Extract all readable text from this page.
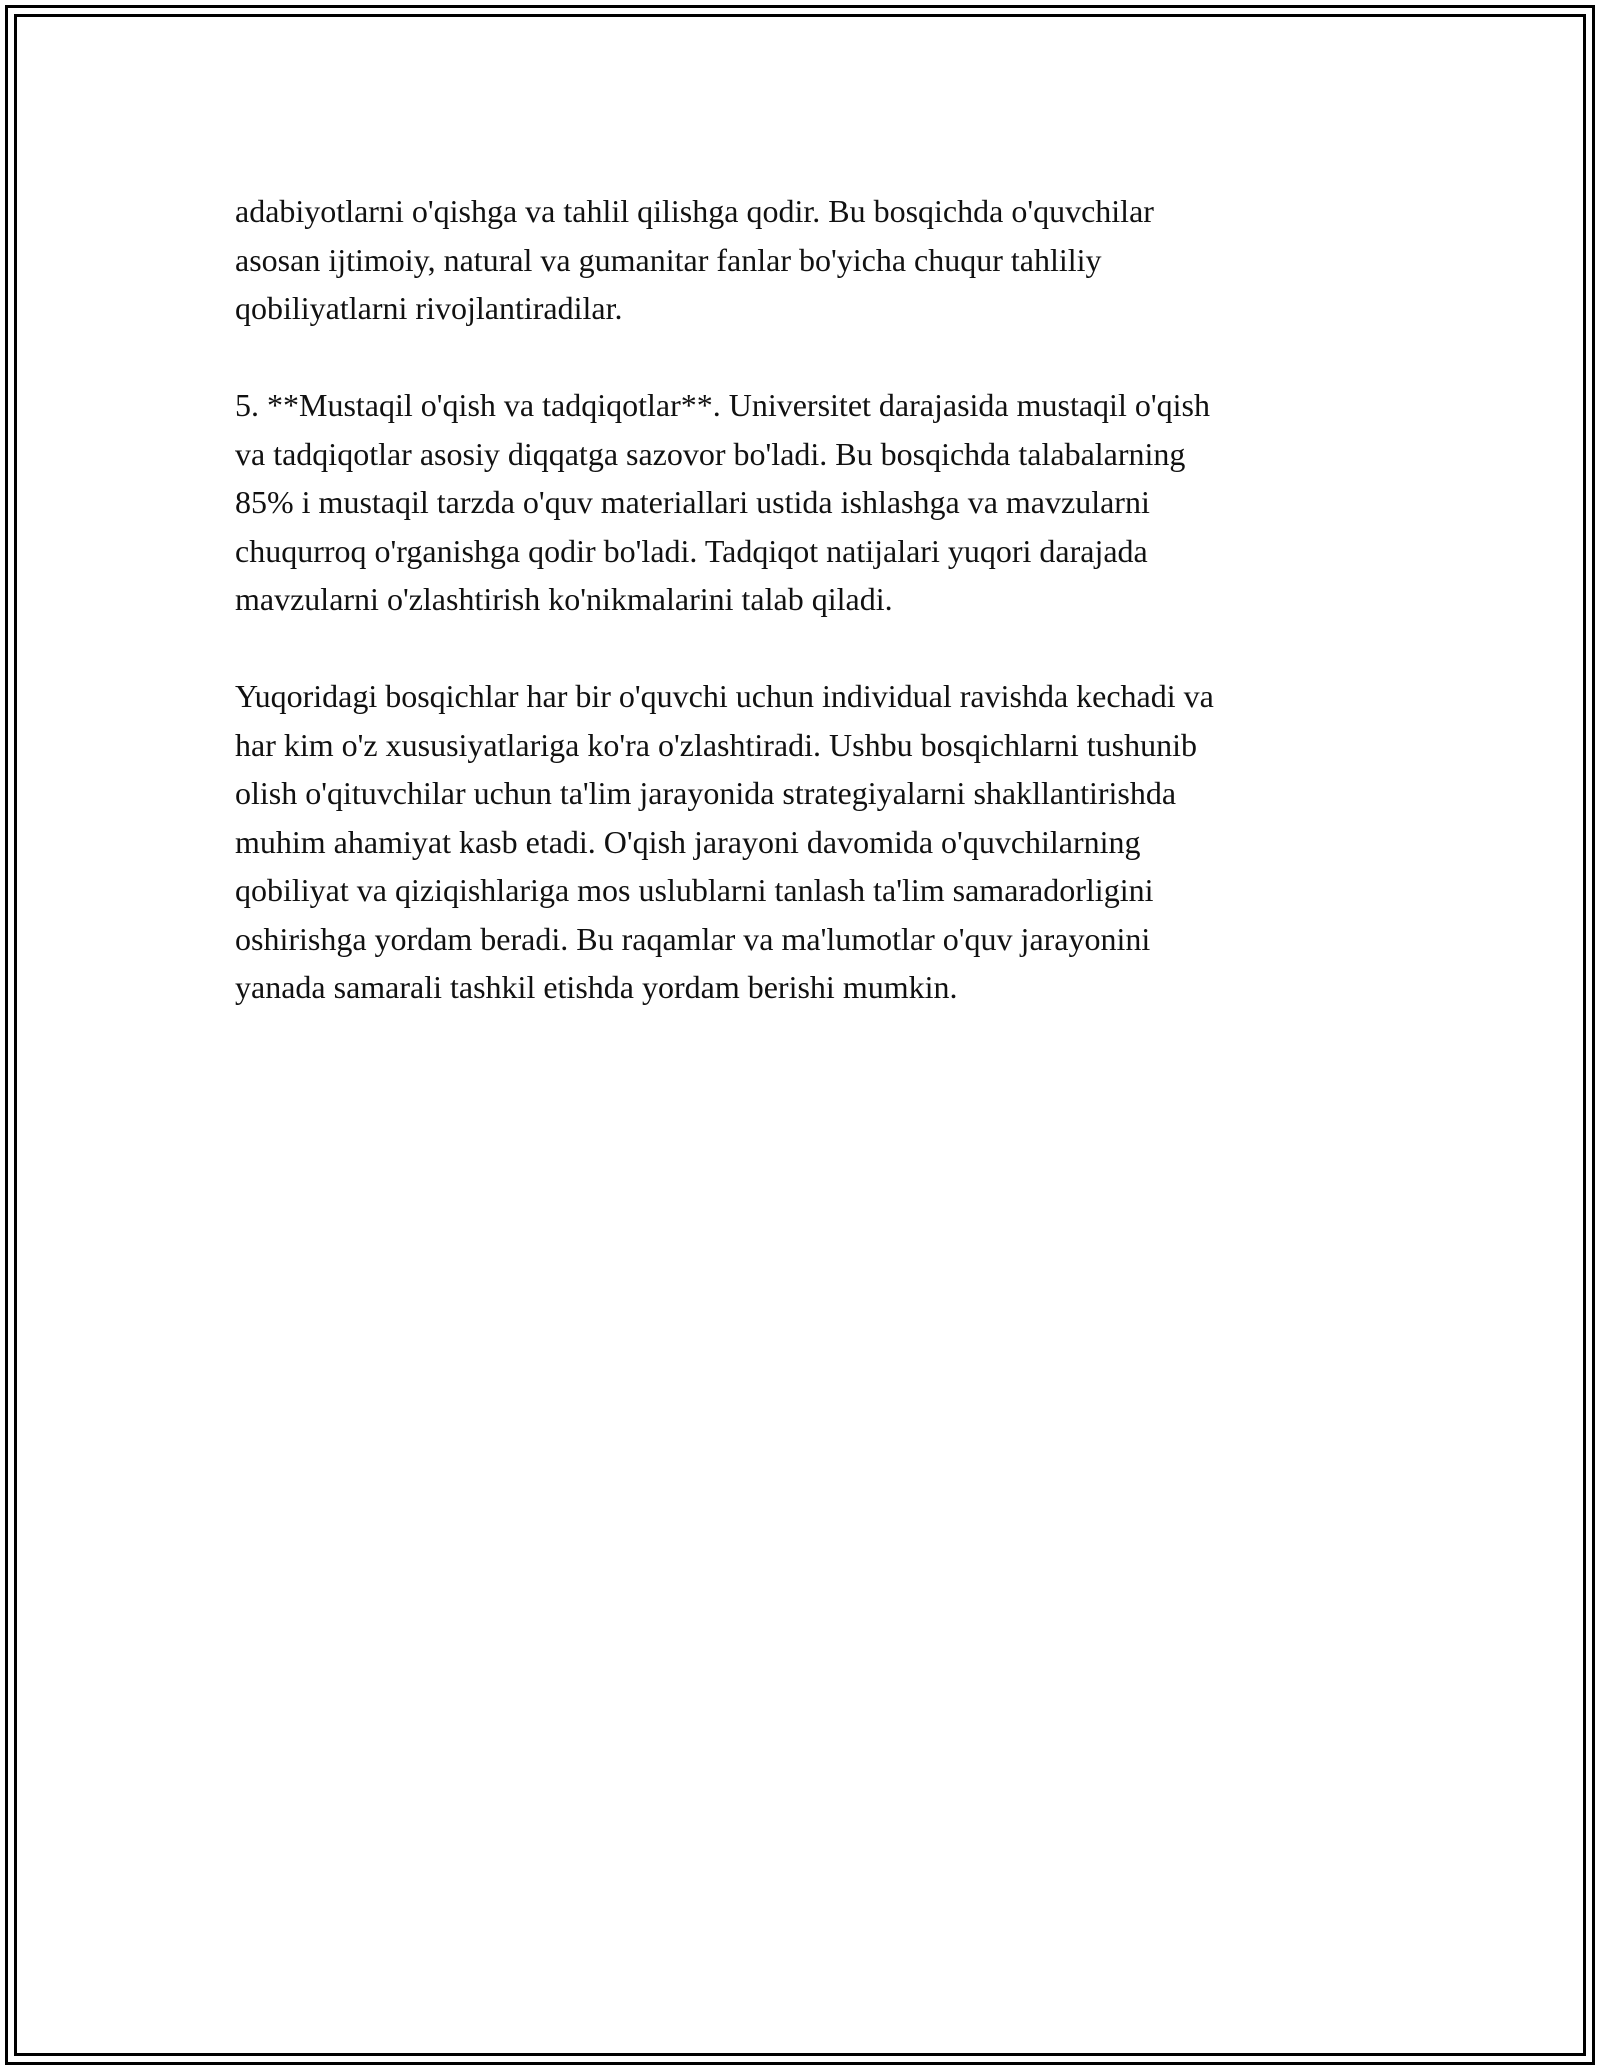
adabiyotlarni o'qishga va tahlil qilishga qodir. Bu bosqichda o'quvchilar
asosan ijtimoiy, natural va gumanitar fanlar bo'yicha chuqur tahliliy
qobiliyatlarni rivojlantiradilar.

5. **Mustaqil o'qish va tadqiqotlar**. Universitet darajasida mustaqil o'qish
va tadqiqotlar asosiy diqqatga sazovor bo'ladi. Bu bosqichda talabalarning
85% i mustaqil tarzda o'quv materiallari ustida ishlashga va mavzularni
chuqurroq o'rganishga qodir bo'ladi. Tadqiqot natijalari yuqori darajada
mavzularni o'zlashtirish ko'nikmalarini talab qiladi.

Yuqoridagi bosqichlar har bir o'quvchi uchun individual ravishda kechadi va
har kim o'z xususiyatlariga ko'ra o'zlashtiradi. Ushbu bosqichlarni tushunib
olish o'qituvchilar uchun ta'lim jarayonida strategiyalarni shakllantirishda
muhim ahamiyat kasb etadi. O'qish jarayoni davomida o'quvchilarning
qobiliyat va qiziqishlariga mos uslublarni tanlash ta'lim samaradorligini
oshirishga yordam beradi. Bu raqamlar va ma'lumotlar o'quv jarayonini
yanada samarali tashkil etishda yordam berishi mumkin.
